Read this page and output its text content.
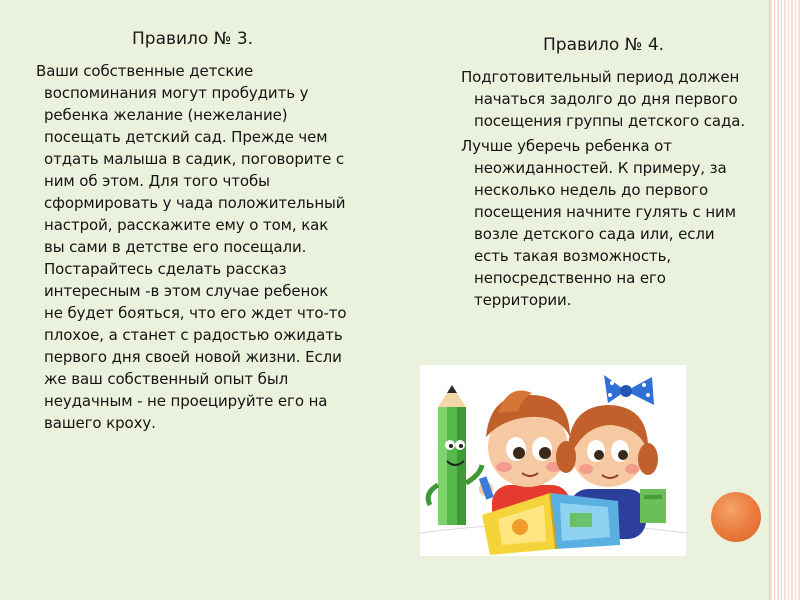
Правило № 3.
Ваши собственные детские
воспоминания могут пробудить у
ребенка желание (нежелание)
посещать детский сад. Прежде чем
отдать малыша в садик, поговорите с
ним об этом. Для того чтобы
сформировать у чада положительный
настрой, расскажите ему о том, как
вы сами в детстве его посещали.
Постарайтесь сделать рассказ
интересным -в этом случае ребенок
не будет бояться, что его ждет что-то
плохое, а станет с радостью ожидать
первого дня своей новой жизни. Если
же ваш собственный опыт был
неудачным - не проецируйте его на
вашего кроху.
Правило № 4.
Подготовительный период должен
начаться задолго до дня первого
посещения группы детского сада.
Лучше уберечь ребенка от
неожиданностей. К примеру, за
несколько недель до первого
посещения начните гулять с ним
возле детского сада или, если
есть такая возможность,
непосредственно на его
территории.
